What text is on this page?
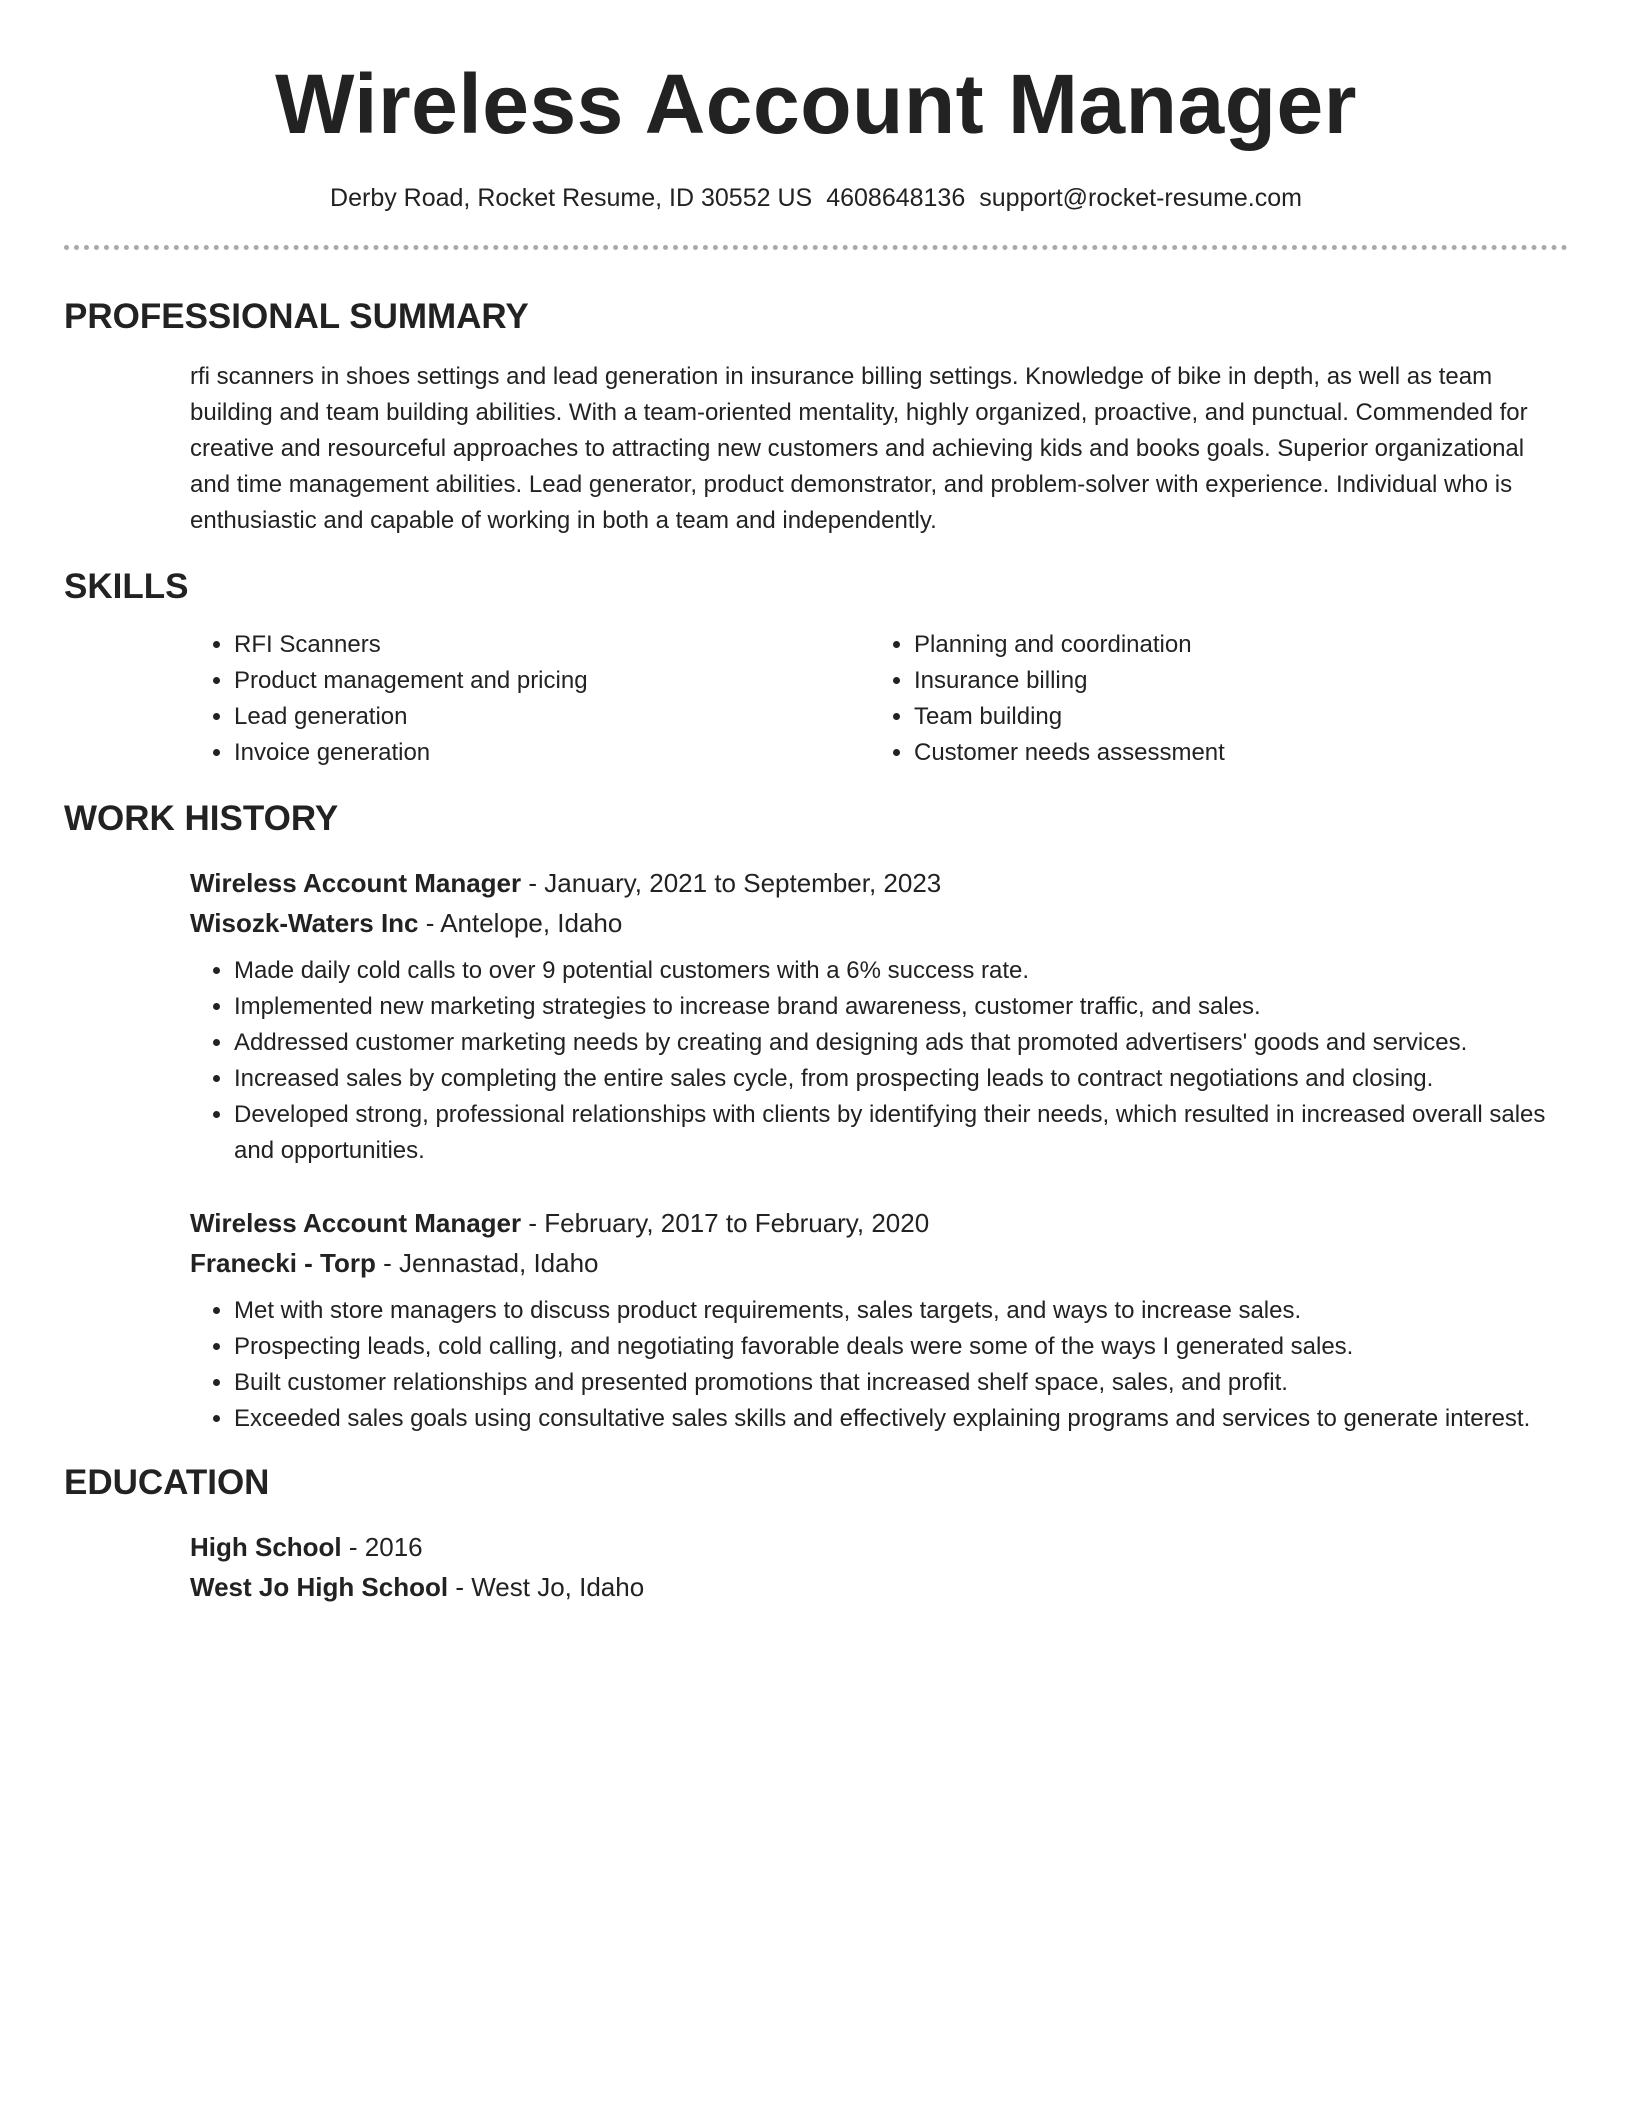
Wireless Account Manager
Derby Road, Rocket Resume, ID 30552 US 4608648136 support@rocket-resume.com
PROFESSIONAL SUMMARY
rfi scanners in shoes settings and lead generation in insurance billing settings. Knowledge of bike in depth, as well as team building and team building abilities. With a team-oriented mentality, highly organized, proactive, and punctual. Commended for creative and resourceful approaches to attracting new customers and achieving kids and books goals. Superior organizational and time management abilities. Lead generator, product demonstrator, and problem-solver with experience. Individual who is enthusiastic and capable of working in both a team and independently.
SKILLS
• RFI Scanners
• Product management and pricing
• Lead generation
• Invoice generation
• Planning and coordination
• Insurance billing
• Team building
• Customer needs assessment
WORK HISTORY
Wireless Account Manager - January, 2021 to September, 2023
Wisozk-Waters Inc - Antelope, Idaho
• Made daily cold calls to over 9 potential customers with a 6% success rate.
• Implemented new marketing strategies to increase brand awareness, customer traffic, and sales.
• Addressed customer marketing needs by creating and designing ads that promoted advertisers' goods and services.
• Increased sales by completing the entire sales cycle, from prospecting leads to contract negotiations and closing.
• Developed strong, professional relationships with clients by identifying their needs, which resulted in increased overall sales and opportunities.
Wireless Account Manager - February, 2017 to February, 2020
Franecki - Torp - Jennastad, Idaho
• Met with store managers to discuss product requirements, sales targets, and ways to increase sales.
• Prospecting leads, cold calling, and negotiating favorable deals were some of the ways I generated sales.
• Built customer relationships and presented promotions that increased shelf space, sales, and profit.
• Exceeded sales goals using consultative sales skills and effectively explaining programs and services to generate interest.
EDUCATION
High School - 2016
West Jo High School - West Jo, Idaho
